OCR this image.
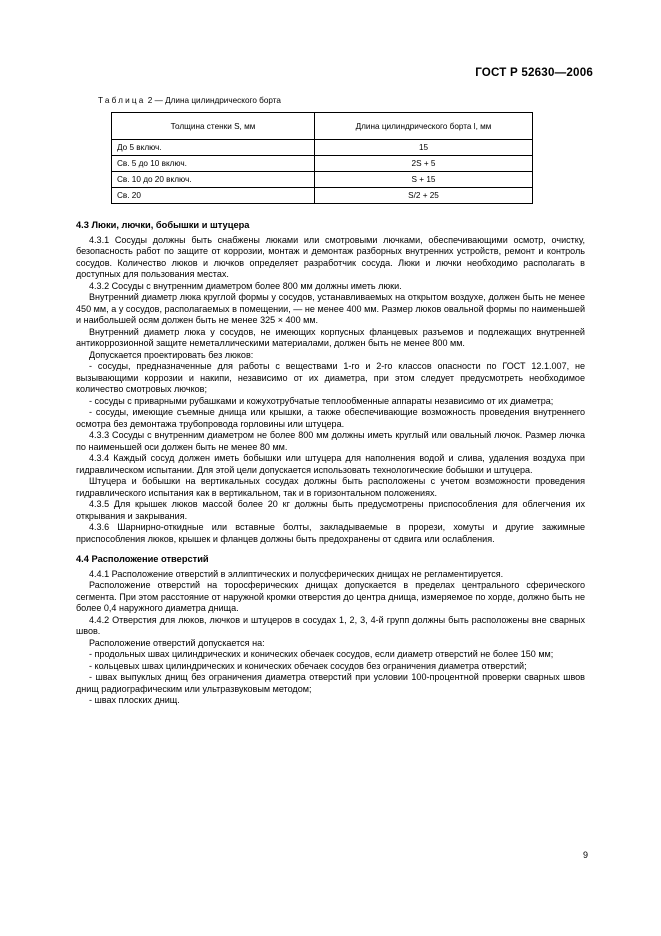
ГОСТ Р 52630—2006
Таблица 2 — Длина цилиндрического борта
Толщина стенки S, мм	Длина цилиндрического борта l, мм
До 5 включ.	15
Св. 5 до 10 включ.	2S + 5
Св. 10 до 20 включ.	S + 15
Св. 20	S/2 + 25
4.3 Люки, лючки, бобышки и штуцера

4.3.1 Сосуды должны быть снабжены люками или смотровыми лючками, обеспечивающими осмотр, очистку, безопасность работ по защите от коррозии, монтаж и демонтаж разборных внутренних устройств, ремонт и контроль сосудов. Количество люков и лючков определяет разработчик сосуда. Люки и лючки необходимо располагать в доступных для пользования местах.

4.3.2 Сосуды с внутренним диаметром более 800 мм должны иметь люки.

Внутренний диаметр люка круглой формы у сосудов, устанавливаемых на открытом воздухе, должен быть не менее 450 мм, а у сосудов, располагаемых в помещении, — не менее 400 мм. Размер люков овальной формы по наименьшей и наибольшей осям должен быть не менее 325 × 400 мм.

Внутренний диаметр люка у сосудов, не имеющих корпусных фланцевых разъемов и подлежащих внутренней антикоррозионной защите неметаллическими материалами, должен быть не менее 800 мм.

Допускается проектировать без люков:

- сосуды, предназначенные для работы с веществами 1-го и 2-го классов опасности по ГОСТ 12.1.007, не вызывающими коррозии и накипи, независимо от их диаметра, при этом следует предусмотреть необходимое количество смотровых лючков;

- сосуды с приварными рубашками и кожухотрубчатые теплообменные аппараты независимо от их диаметра;

- сосуды, имеющие съемные днища или крышки, а также обеспечивающие возможность проведения внутреннего осмотра без демонтажа трубопровода горловины или штуцера.

4.3.3 Сосуды с внутренним диаметром не более 800 мм должны иметь круглый или овальный лючок. Размер лючка по наименьшей оси должен быть не менее 80 мм.

4.3.4 Каждый сосуд должен иметь бобышки или штуцера для наполнения водой и слива, удаления воздуха при гидравлическом испытании. Для этой цели допускается использовать технологические бобышки и штуцера.

Штуцера и бобышки на вертикальных сосудах должны быть расположены с учетом возможности проведения гидравлического испытания как в вертикальном, так и в горизонтальном положениях.

4.3.5 Для крышек люков массой более 20 кг должны быть предусмотрены приспособления для облегчения их открывания и закрывания.

4.3.6 Шарнирно-откидные или вставные болты, закладываемые в прорези, хомуты и другие зажимные приспособления люков, крышек и фланцев должны быть предохранены от сдвига или ослабления.

4.4 Расположение отверстий

4.4.1 Расположение отверстий в эллиптических и полусферических днищах не регламентируется.

Расположение отверстий на торосферических днищах допускается в пределах центрального сферического сегмента. При этом расстояние от наружной кромки отверстия до центра днища, измеряемое по хорде, должно быть не более 0,4 наружного диаметра днища.

4.4.2 Отверстия для люков, лючков и штуцеров в сосудах 1, 2, 3, 4-й групп должны быть расположены вне сварных швов.

Расположение отверстий допускается на:

- продольных швах цилиндрических и конических обечаек сосудов, если диаметр отверстий не более 150 мм;

- кольцевых швах цилиндрических и конических обечаек сосудов без ограничения диаметра отверстий;

- швах выпуклых днищ без ограничения диаметра отверстий при условии 100-процентной проверки сварных швов днищ радиографическим или ультразвуковым методом;

- швах плоских днищ.

9
